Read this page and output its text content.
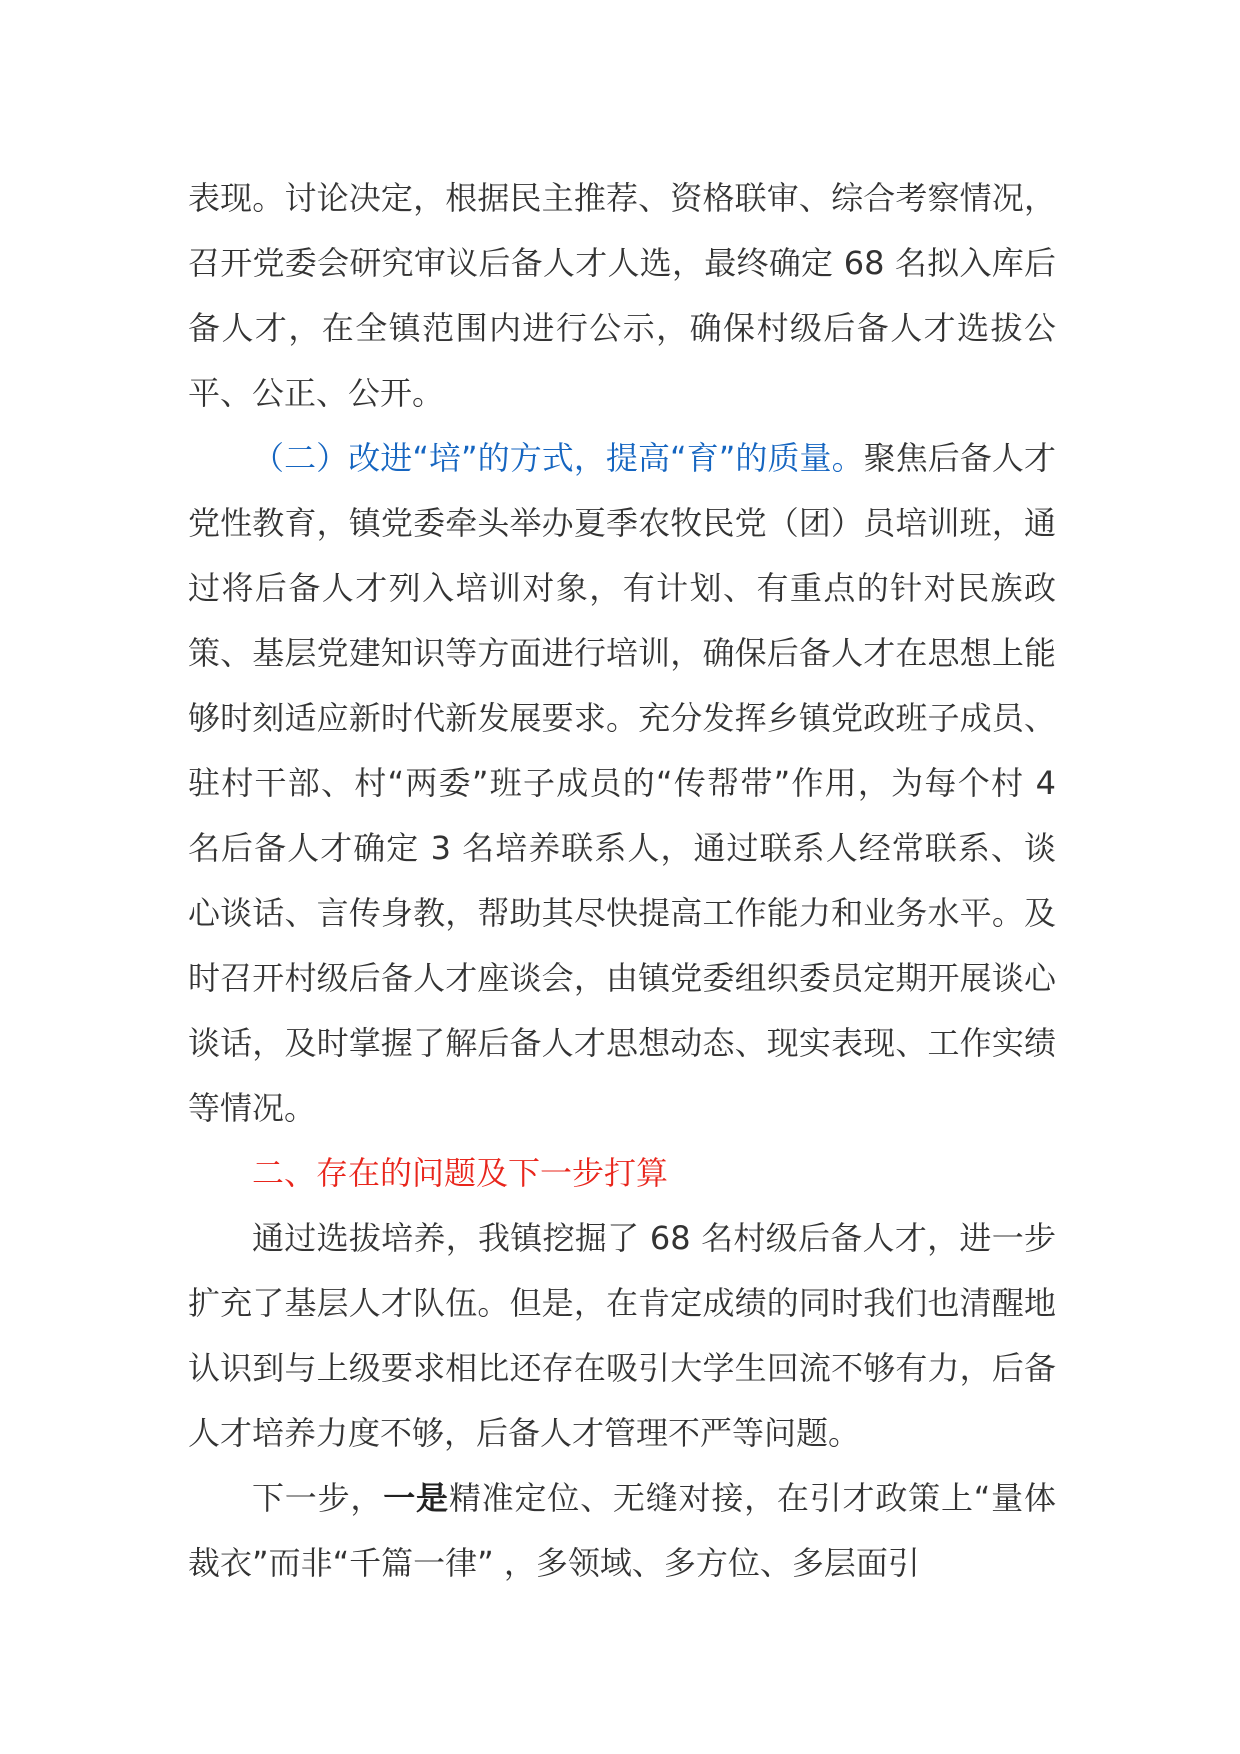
表现。讨论决定，根据民主推荐、资格联审、综合考察情况，召开党委会研究审议后备人才人选，最终确定 68 名拟入库后备人才，在全镇范围内进行公示，确保村级后备人才选拔公平、公正、公开。

（二）改进“培”的方式，提高“育”的质量。聚焦后备人才党性教育，镇党委牵头举办夏季农牧民党（团）员培训班，通过将后备人才列入培训对象，有计划、有重点的针对民族政策、基层党建知识等方面进行培训，确保后备人才在思想上能够时刻适应新时代新发展要求。充分发挥乡镇党政班子成员、驻村干部、村“两委”班子成员的“传帮带”作用，为每个村 4 名后备人才确定 3 名培养联系人，通过联系人经常联系、谈心谈话、言传身教，帮助其尽快提高工作能力和业务水平。及时召开村级后备人才座谈会，由镇党委组织委员定期开展谈心谈话，及时掌握了解后备人才思想动态、现实表现、工作实绩等情况。

二、存在的问题及下一步打算

通过选拔培养，我镇挖掘了 68 名村级后备人才，进一步扩充了基层人才队伍。但是，在肯定成绩的同时我们也清醒地认识到与上级要求相比还存在吸引大学生回流不够有力，后备人才培养力度不够，后备人才管理不严等问题。

下一步，一是精准定位、无缝对接，在引才政策上“量体裁衣”而非“千篇一律” ，多领域、多方位、多层面引
